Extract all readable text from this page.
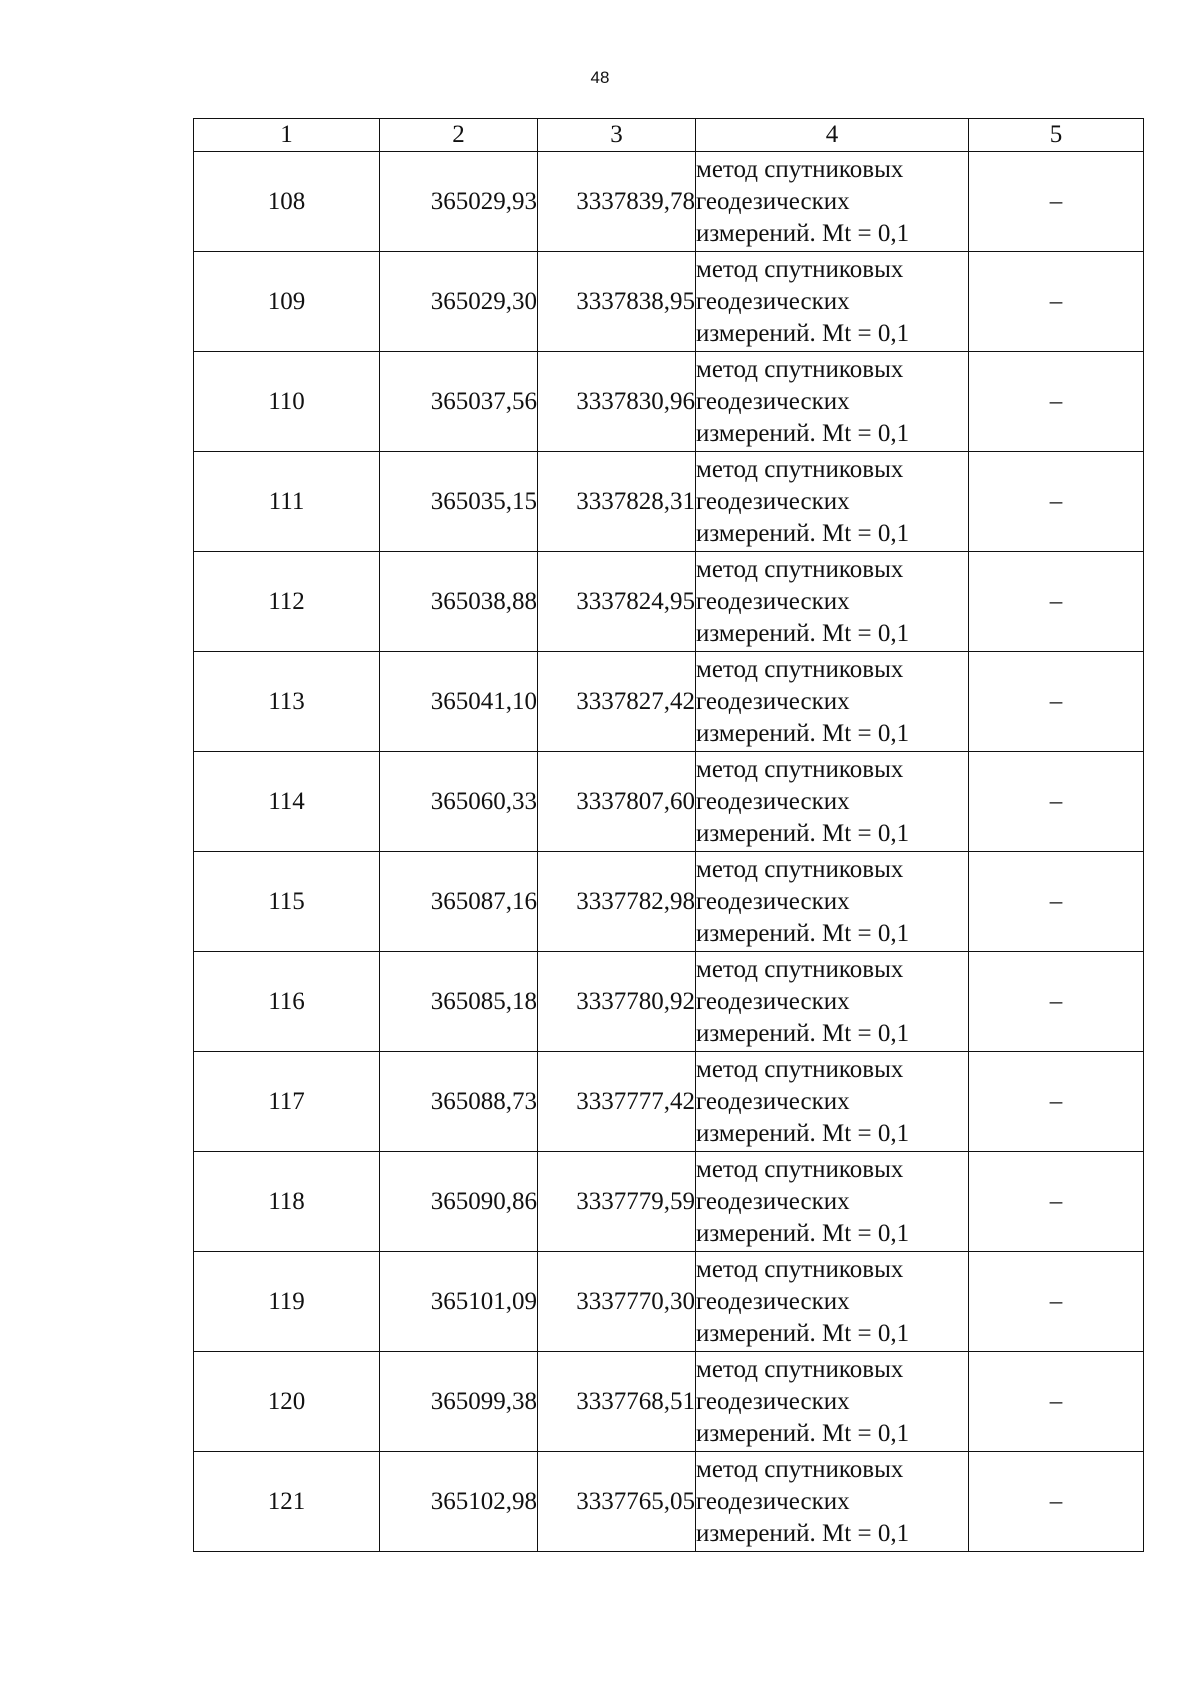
48
1	2	3	4	5
108	365029,93	3337839,78	метод спутниковых
геодезических
измерений. Mt = 0,1	–
109	365029,30	3337838,95	метод спутниковых
геодезических
измерений. Mt = 0,1	–
110	365037,56	3337830,96	метод спутниковых
геодезических
измерений. Mt = 0,1	–
111	365035,15	3337828,31	метод спутниковых
геодезических
измерений. Mt = 0,1	–
112	365038,88	3337824,95	метод спутниковых
геодезических
измерений. Mt = 0,1	–
113	365041,10	3337827,42	метод спутниковых
геодезических
измерений. Mt = 0,1	–
114	365060,33	3337807,60	метод спутниковых
геодезических
измерений. Mt = 0,1	–
115	365087,16	3337782,98	метод спутниковых
геодезических
измерений. Mt = 0,1	–
116	365085,18	3337780,92	метод спутниковых
геодезических
измерений. Mt = 0,1	–
117	365088,73	3337777,42	метод спутниковых
геодезических
измерений. Mt = 0,1	–
118	365090,86	3337779,59	метод спутниковых
геодезических
измерений. Mt = 0,1	–
119	365101,09	3337770,30	метод спутниковых
геодезических
измерений. Mt = 0,1	–
120	365099,38	3337768,51	метод спутниковых
геодезических
измерений. Mt = 0,1	–
121	365102,98	3337765,05	метод спутниковых
геодезических
измерений. Mt = 0,1	–
